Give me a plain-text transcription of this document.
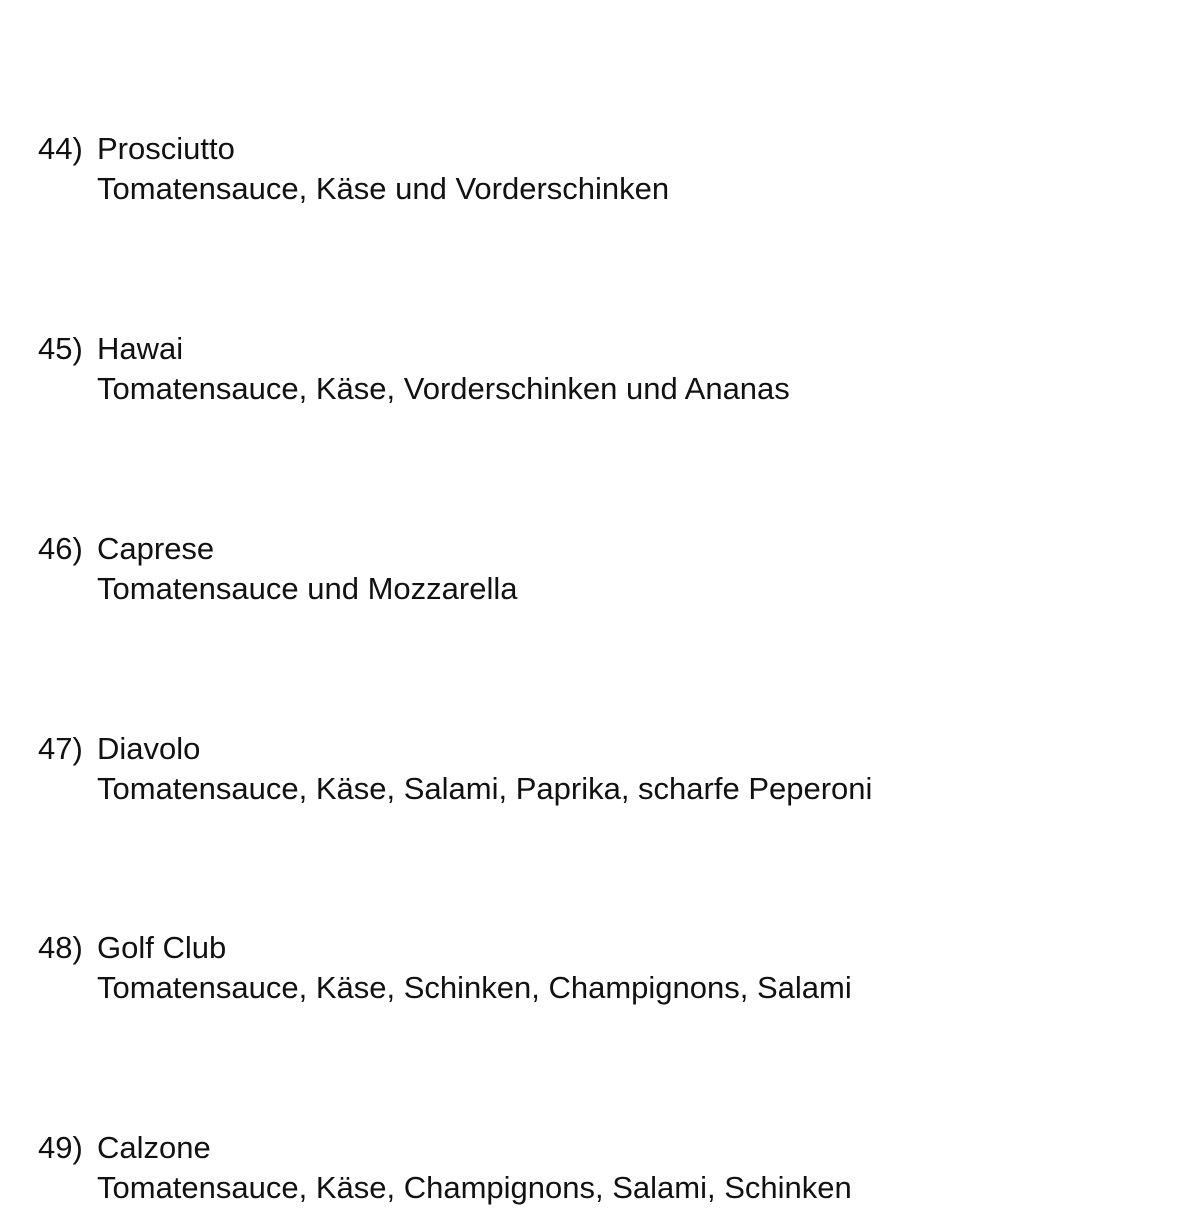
44) Prosciutto
Tomatensauce, Käse und Vorderschinken
45) Hawai
Tomatensauce, Käse, Vorderschinken und Ananas
46) Caprese
Tomatensauce und Mozzarella
47) Diavolo
Tomatensauce, Käse, Salami, Paprika, scharfe Peperoni
48) Golf Club
Tomatensauce, Käse, Schinken, Champignons, Salami
49) Calzone
Tomatensauce, Käse, Champignons, Salami, Schinken
